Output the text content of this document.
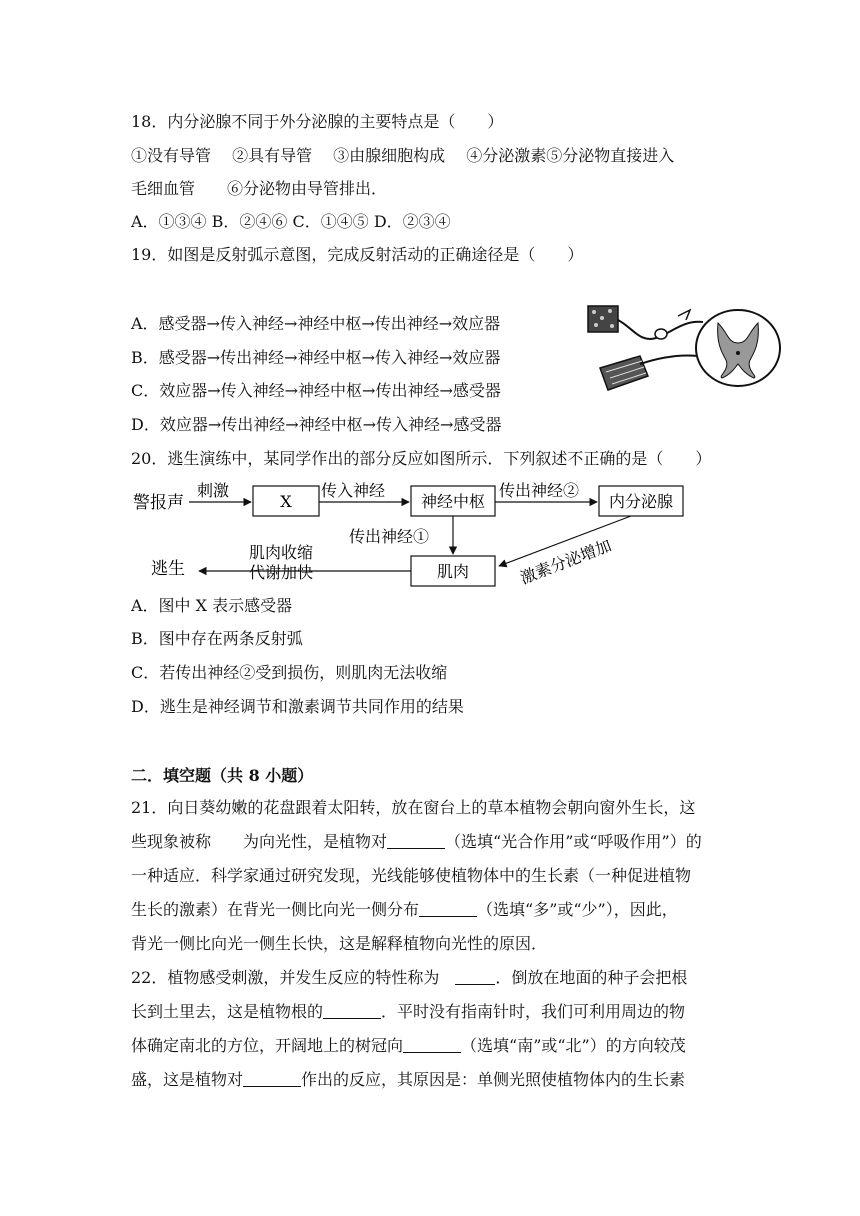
18．内分泌腺不同于外分泌腺的主要特点是（　　）
①没有导管　 ②具有导管　 ③由腺细胞构成　 ④分泌激素⑤分泌物直接进入
毛细血管　　⑥分泌物由导管排出．
A．①③④ B．②④⑥ C．①④⑤ D．②③④
19．如图是反射弧示意图，完成反射活动的正确途径是（　　）
A．感受器→传入神经→神经中枢→传出神经→效应器
B．感受器→传出神经→神经中枢→传入神经→效应器
C．效应器→传入神经→神经中枢→传出神经→感受器
D．效应器→传出神经→神经中枢→传入神经→感受器
20．逃生演练中，某同学作出的部分反应如图所示．下列叙述不正确的是（　　）
警报声
刺激
X
传入神经
神经中枢
传出神经②
内分泌腺
传出神经①
肌肉	激素分泌增加
肌肉收缩
代谢加快
逃生
A．图中 X 表示感受器
B．图中存在两条反射弧
C．若传出神经②受到损伤，则肌肉无法收缩
D．逃生是神经调节和激素调节共同作用的结果
二．填空题（共 8 小题）
21．向日葵幼嫩的花盘跟着太阳转，放在窗台上的草本植物会朝向窗外生长，这
些现象被称　　为向光性，是植物对	（选填“光合作用”或“呼吸作用”）的
一种适应．科学家通过研究发现，光线能够使植物体中的生长素（一种促进植物
生长的激素）在背光一侧比向光一侧分布	（选填“多”或“少”），因此，
背光一侧比向光一侧生长快，这是解释植物向光性的原因．
22．植物感受刺激，并发生反应的特性称为　	．倒放在地面的种子会把根
长到土里去，这是植物根的	．平时没有指南针时，我们可利用周边的物
体确定南北的方位，开阔地上的树冠向	（选填“南”或“北”）的方向较茂
盛，这是植物对	作出的反应，其原因是：单侧光照使植物体内的生长素
